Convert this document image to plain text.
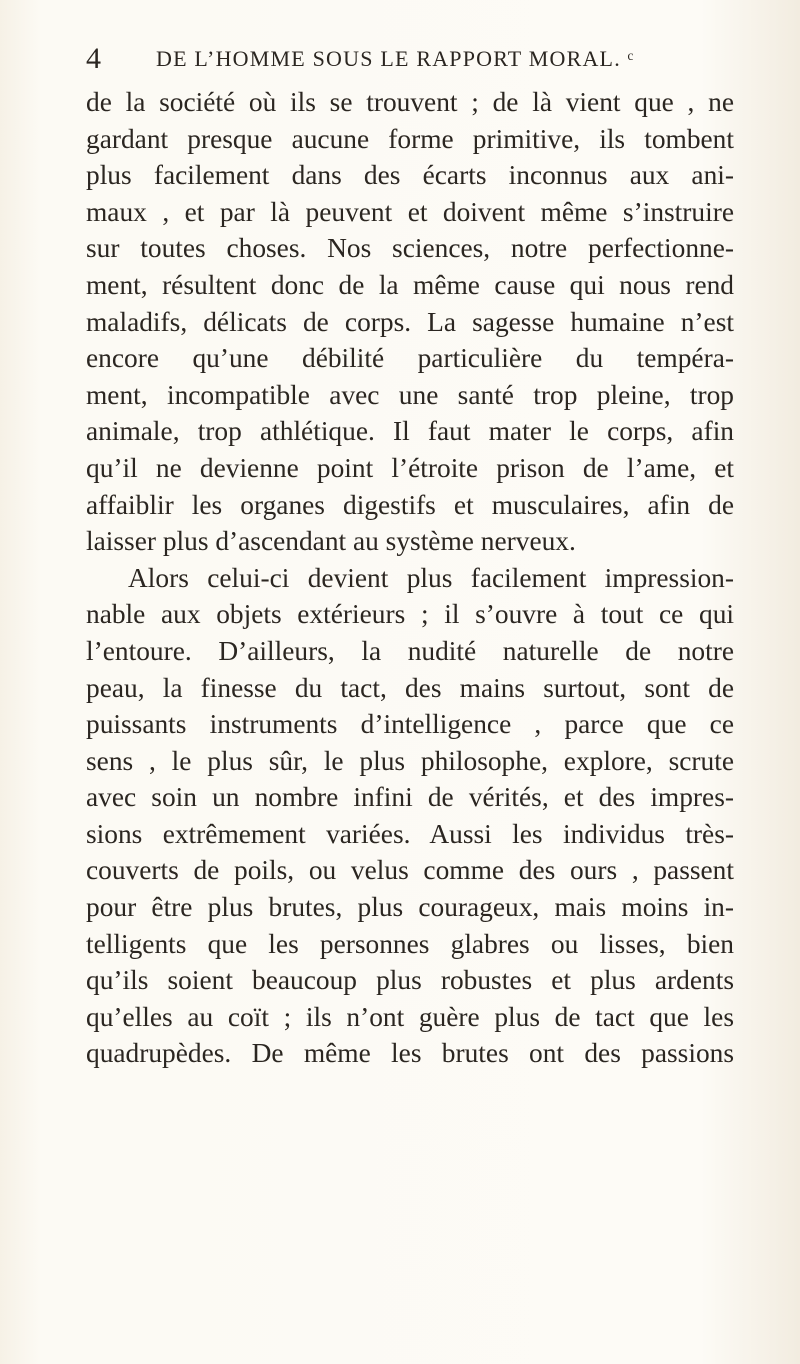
4 DE L’HOMME SOUS LE RAPPORT MORAL. ᶜ
de la société où ils se trouvent ; de là vient que , ne
gardant presque aucune forme primitive, ils tombent
plus facilement dans des écarts inconnus aux ani-
maux , et par là peuvent et doivent même s’instruire
sur toutes choses. Nos sciences, notre perfectionne-
ment, résultent donc de la même cause qui nous rend
maladifs, délicats de corps. La sagesse humaine n’est
encore qu’une débilité particulière du tempéra-
ment, incompatible avec une santé trop pleine, trop
animale, trop athlétique. Il faut mater le corps, afin
qu’il ne devienne point l’étroite prison de l’ame, et
affaiblir les organes digestifs et musculaires, afin de
laisser plus d’ascendant au système nerveux.
Alors celui-ci devient plus facilement impression-
nable aux objets extérieurs ; il s’ouvre à tout ce qui
l’entoure. D’ailleurs, la nudité naturelle de notre
peau, la finesse du tact, des mains surtout, sont de
puissants instruments d’intelligence , parce que ce
sens , le plus sûr, le plus philosophe, explore, scrute
avec soin un nombre infini de vérités, et des impres-
sions extrêmement variées. Aussi les individus très-
couverts de poils, ou velus comme des ours , passent
pour être plus brutes, plus courageux, mais moins in-
telligents que les personnes glabres ou lisses, bien
qu’ils soient beaucoup plus robustes et plus ardents
qu’elles au coït ; ils n’ont guère plus de tact que les
quadrupèdes. De même les brutes ont des passions
